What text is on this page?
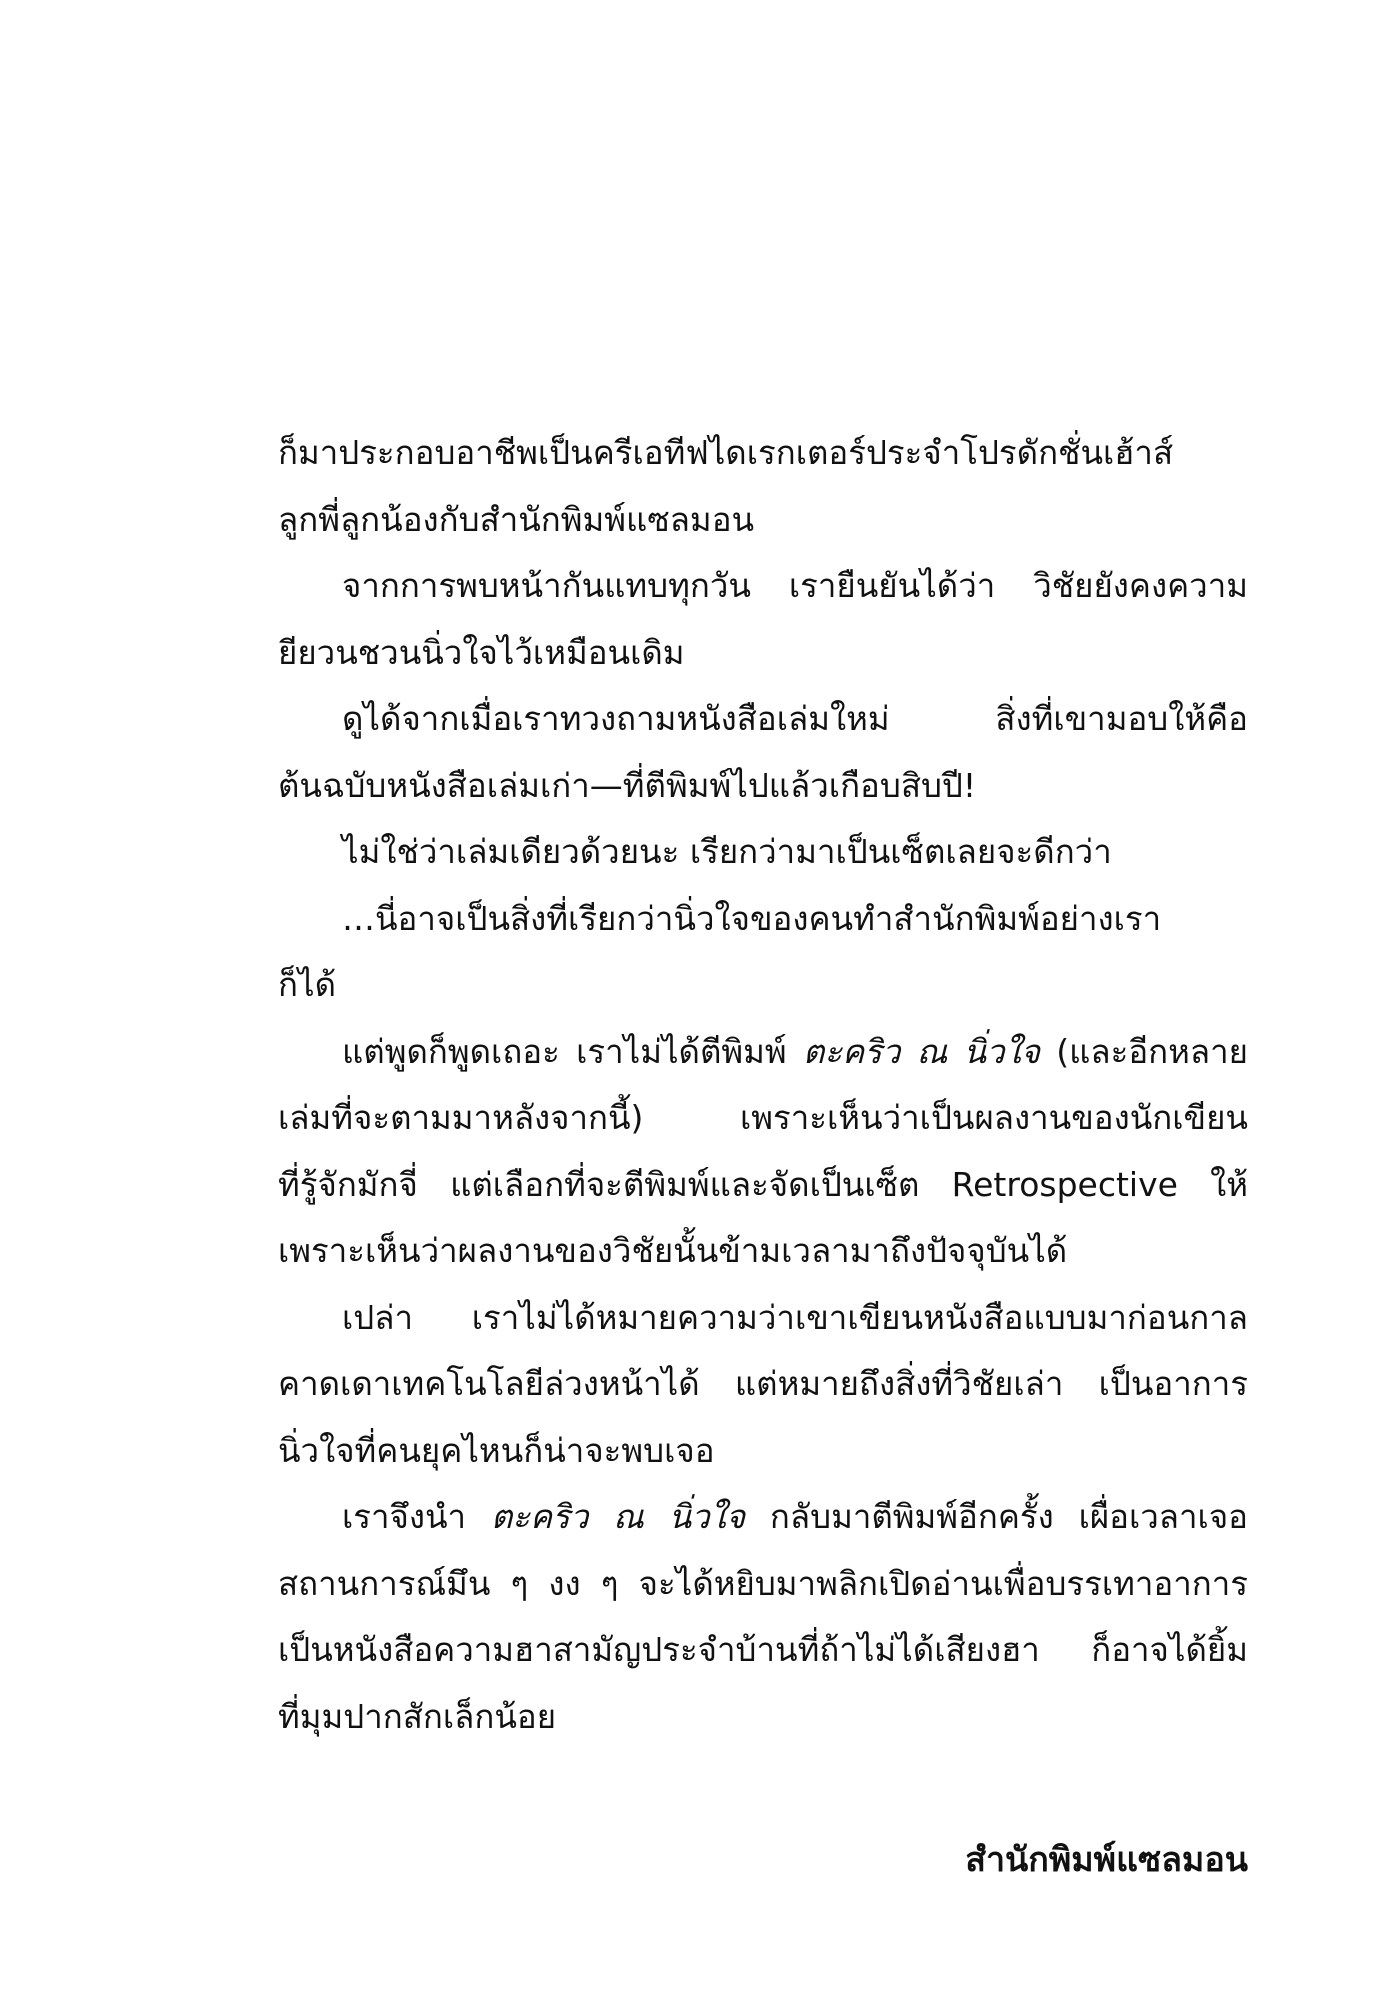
ก็มาประกอบอาชีพเป็นครีเอทีฟไดเรกเตอร์ประจำโปรดักชั่นเฮ้าส์
ลูกพี่ลูกน้องกับสำนักพิมพ์แซลมอน
จากการพบหน้ากันแทบทุกวัน เรายืนยันได้ว่า วิชัยยังคงความ
ยียวนชวนนิ่วใจไว้เหมือนเดิม
ดูได้จากเมื่อเราทวงถามหนังสือเล่มใหม่ สิ่งที่เขามอบให้คือ
ต้นฉบับหนังสือเล่มเก่า—ที่ตีพิมพ์ไปแล้วเกือบสิบปี!
ไม่ใช่ว่าเล่มเดียวด้วยนะ เรียกว่ามาเป็นเซ็ตเลยจะดีกว่า
…นี่อาจเป็นสิ่งที่เรียกว่านิ่วใจของคนทำสำนักพิมพ์อย่างเรา
ก็ได้
แต่พูดก็พูดเถอะ เราไม่ได้ตีพิมพ์ ตะคริว ณ นิ่วใจ (และอีกหลาย
เล่มที่จะตามมาหลังจากนี้) เพราะเห็นว่าเป็นผลงานของนักเขียน
ที่รู้จักมักจี่ แต่เลือกที่จะตีพิมพ์และจัดเป็นเซ็ต Retrospective ให้
เพราะเห็นว่าผลงานของวิชัยนั้นข้ามเวลามาถึงปัจจุบันได้
เปล่า เราไม่ได้หมายความว่าเขาเขียนหนังสือแบบมาก่อนกาล
คาดเดาเทคโนโลยีล่วงหน้าได้ แต่หมายถึงสิ่งที่วิชัยเล่า เป็นอาการ
นิ่วใจที่คนยุคไหนก็น่าจะพบเจอ
เราจึงนำ ตะคริว ณ นิ่วใจ กลับมาตีพิมพ์อีกครั้ง เผื่อเวลาเจอ
สถานการณ์มึน ๆ งง ๆ จะได้หยิบมาพลิกเปิดอ่านเพื่อบรรเทาอาการ
เป็นหนังสือความฮาสามัญประจำบ้านที่ถ้าไม่ได้เสียงฮา ก็อาจได้ยิ้ม
ที่มุมปากสักเล็กน้อย
สำนักพิมพ์แซลมอน
